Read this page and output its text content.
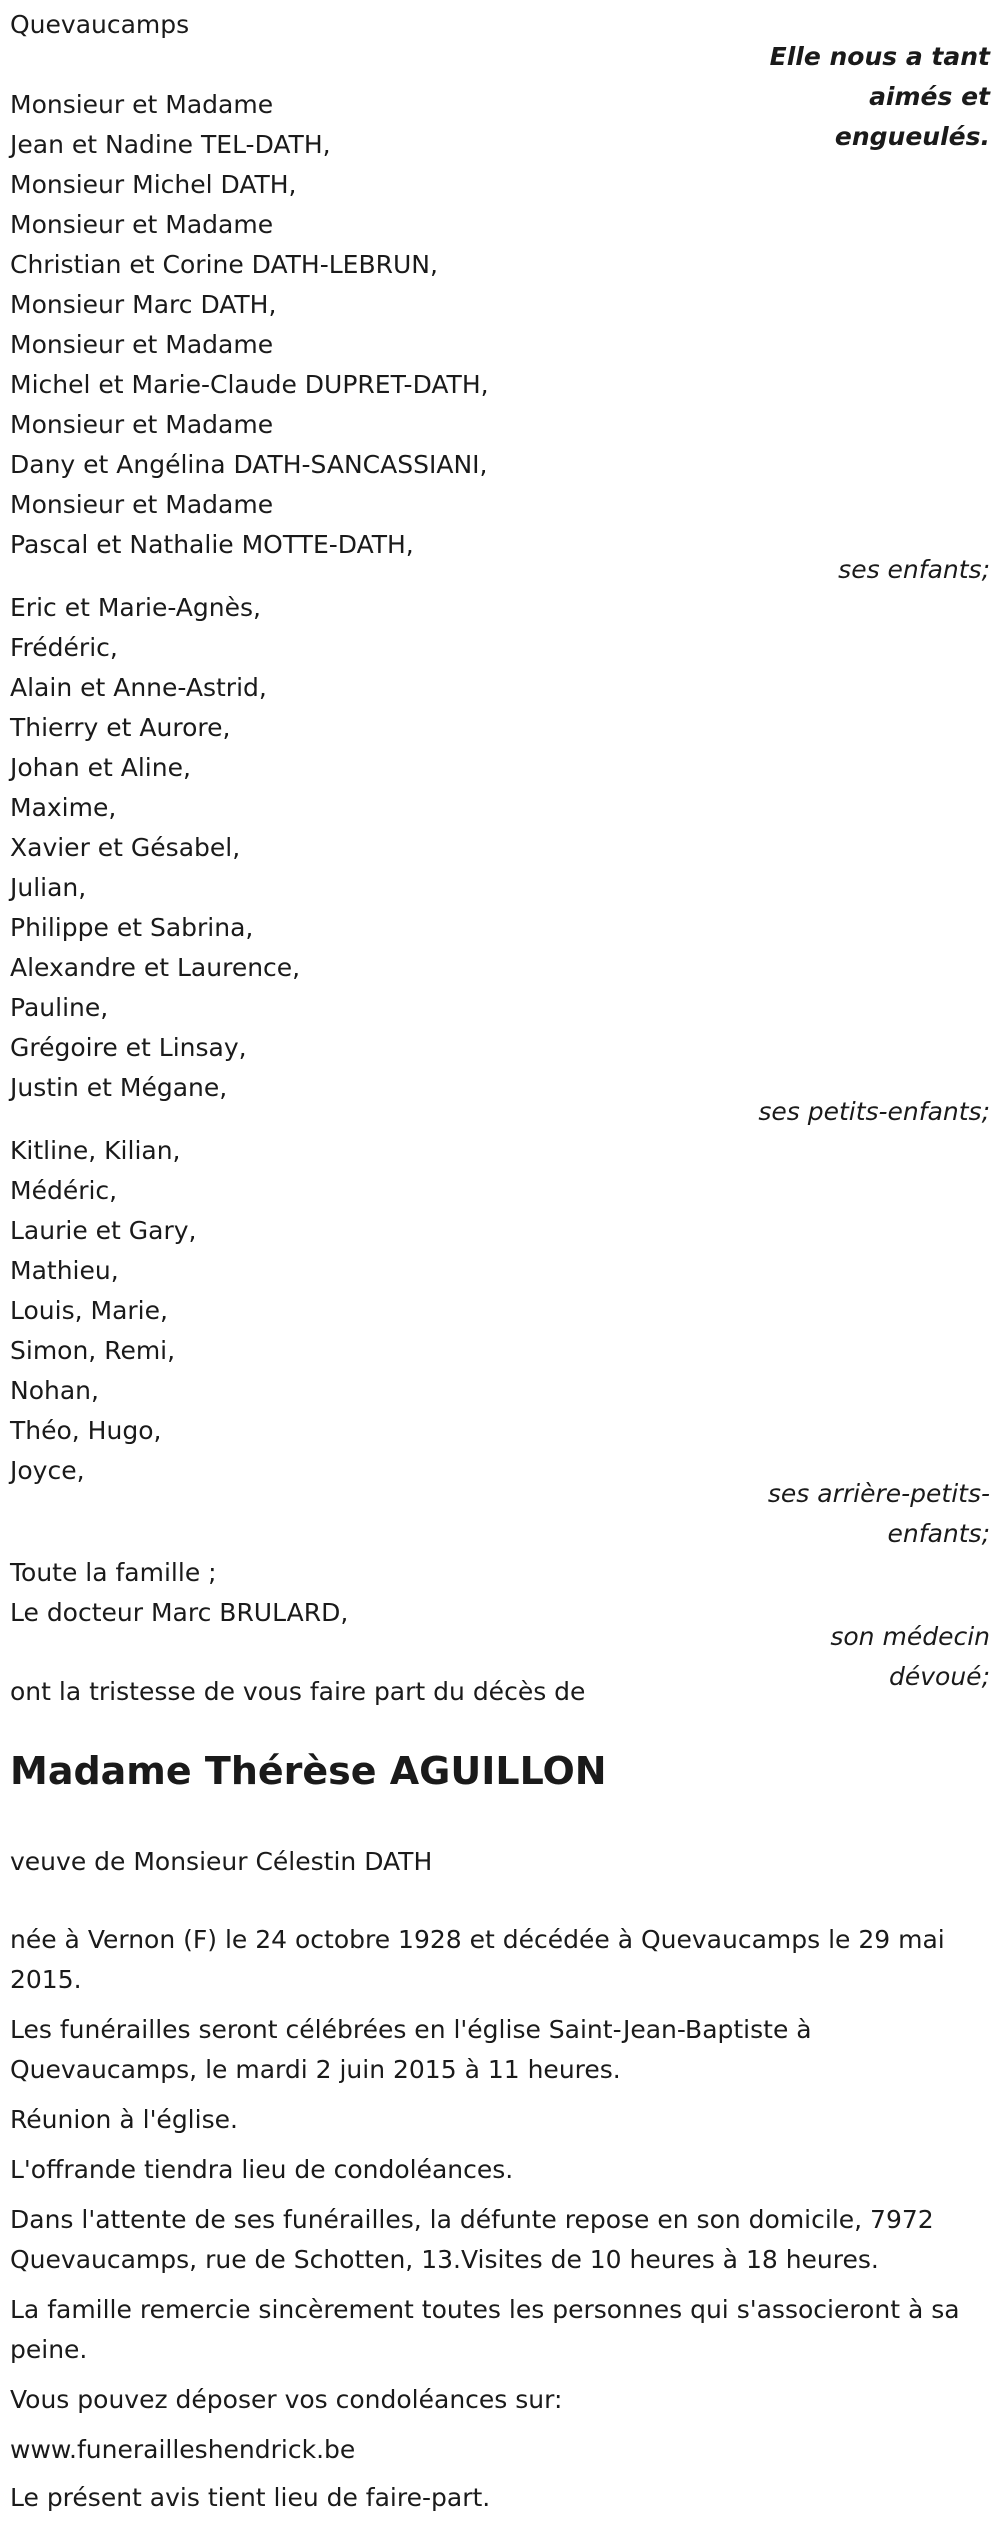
Quevaucamps
Elle nous a tant aimés et engueulés.
Monsieur et Madame
Jean et Nadine TEL-DATH,
Monsieur Michel DATH,
Monsieur et Madame
Christian et Corine DATH-LEBRUN,
Monsieur Marc DATH,
Monsieur et Madame
Michel et Marie-Claude DUPRET-DATH,
Monsieur et Madame
Dany et Angélina DATH-SANCASSIANI,
Monsieur et Madame
Pascal et Nathalie MOTTE-DATH,
ses enfants;
Eric et Marie-Agnès,
Frédéric,
Alain et Anne-Astrid,
Thierry et Aurore,
Johan et Aline,
Maxime,
Xavier et Gésabel,
Julian,
Philippe et Sabrina,
Alexandre et Laurence,
Pauline,
Grégoire et Linsay,
Justin et Mégane,
ses petits-enfants;
Kitline, Kilian,
Médéric,
Laurie et Gary,
Mathieu,
Louis, Marie,
Simon, Remi,
Nohan,
Théo, Hugo,
Joyce,
ses arrière-petits-enfants;
Toute la famille ;
Le docteur Marc BRULARD,
son médecin dévoué;
ont la tristesse de vous faire part du décès de
Madame Thérèse AGUILLON
veuve de Monsieur Célestin DATH
née à Vernon (F) le 24 octobre 1928 et décédée à Quevaucamps le 29 mai 2015.
Les funérailles seront célébrées en l'église Saint-Jean-Baptiste à Quevaucamps, le mardi 2 juin 2015 à 11 heures.
Réunion à l'église.
L'offrande tiendra lieu de condoléances.
Dans l'attente de ses funérailles, la défunte repose en son domicile, 7972 Quevaucamps, rue de Schotten, 13.Visites de 10 heures à 18 heures.
La famille remercie sincèrement toutes les personnes qui s'associeront à sa peine.
Vous pouvez déposer vos condoléances sur:
www.funerailleshendrick.be
Le présent avis tient lieu de faire-part.
